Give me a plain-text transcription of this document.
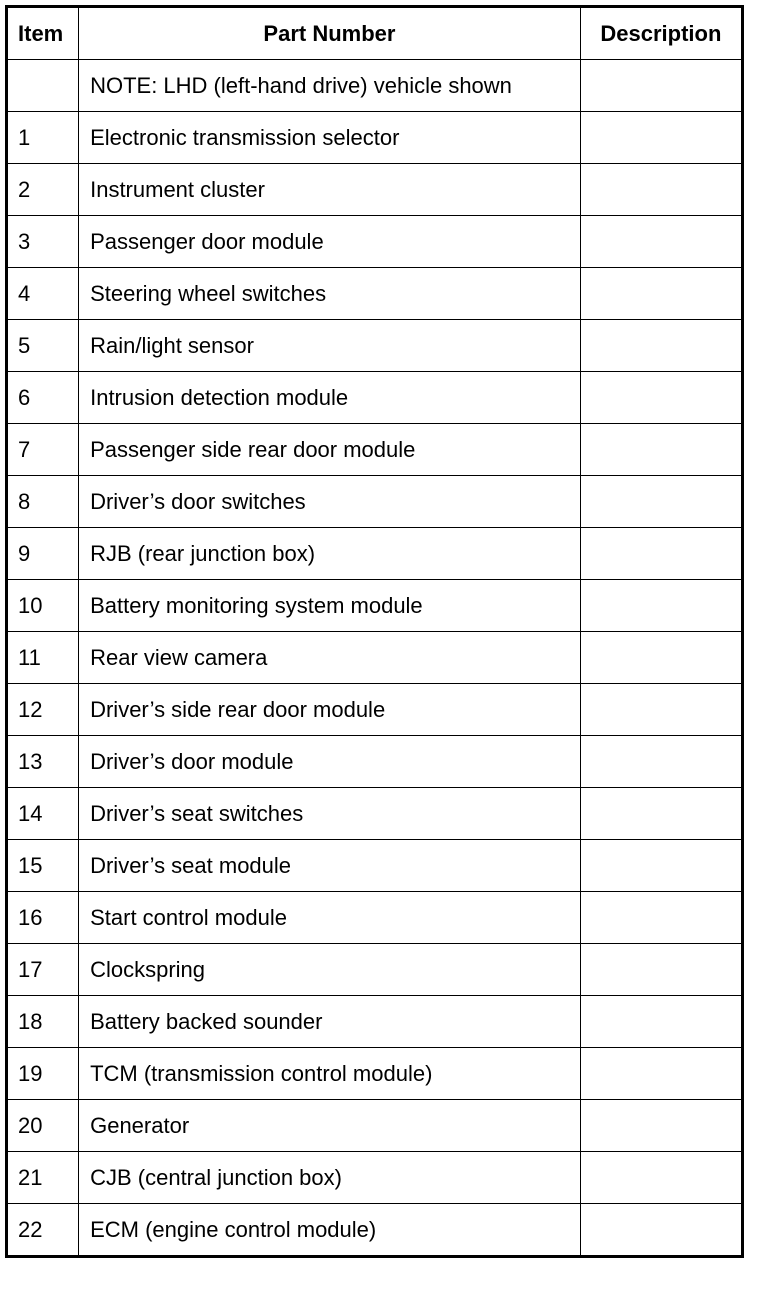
Item	Part Number	Description
	NOTE: LHD (left-hand drive) vehicle shown	
1	Electronic transmission selector	
2	Instrument cluster	
3	Passenger door module	
4	Steering wheel switches	
5	Rain/light sensor	
6	Intrusion detection module	
7	Passenger side rear door module	
8	Driver’s door switches	
9	RJB (rear junction box)	
10	Battery monitoring system module	
11	Rear view camera	
12	Driver’s side rear door module	
13	Driver’s door module	
14	Driver’s seat switches	
15	Driver’s seat module	
16	Start control module	
17	Clockspring	
18	Battery backed sounder	
19	TCM (transmission control module)	
20	Generator	
21	CJB (central junction box)	
22	ECM (engine control module)	
